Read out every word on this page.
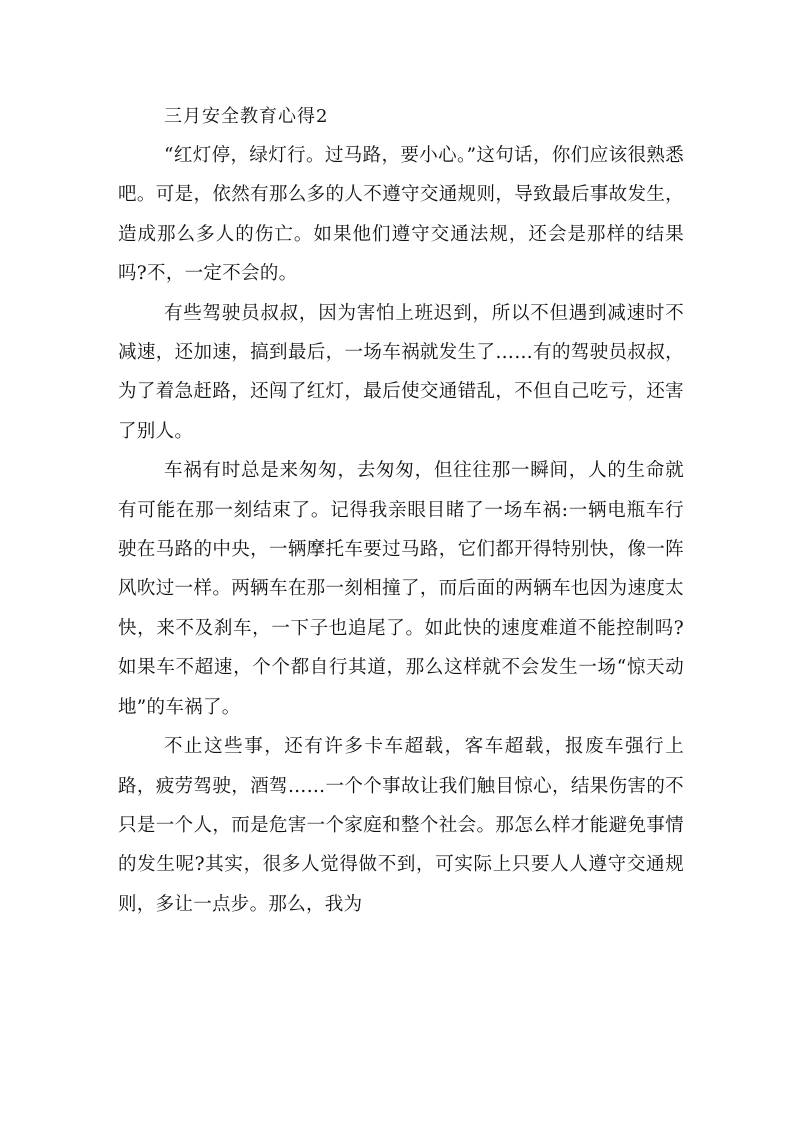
三月安全教育心得2

“红灯停，绿灯行。过马路，要小心。”这句话，你们应该很熟悉吧。可是，依然有那么多的人不遵守交通规则，导致最后事故发生，造成那么多人的伤亡。如果他们遵守交通法规，还会是那样的结果吗?不，一定不会的。

有些驾驶员叔叔，因为害怕上班迟到，所以不但遇到减速时不减速，还加速，搞到最后，一场车祸就发生了……有的驾驶员叔叔，为了着急赶路，还闯了红灯，最后使交通错乱，不但自己吃亏，还害了别人。

车祸有时总是来匆匆，去匆匆，但往往那一瞬间，人的生命就有可能在那一刻结束了。记得我亲眼目睹了一场车祸:一辆电瓶车行驶在马路的中央，一辆摩托车要过马路，它们都开得特别快，像一阵风吹过一样。两辆车在那一刻相撞了，而后面的两辆车也因为速度太快，来不及刹车，一下子也追尾了。如此快的速度难道不能控制吗?如果车不超速，个个都自行其道，那么这样就不会发生一场“惊天动地”的车祸了。

不止这些事，还有许多卡车超载，客车超载，报废车强行上路，疲劳驾驶，酒驾……一个个事故让我们触目惊心，结果伤害的不只是一个人，而是危害一个家庭和整个社会。那怎么样才能避免事情的发生呢?其实，很多人觉得做不到，可实际上只要人人遵守交通规则，多让一点步。那么，我为
